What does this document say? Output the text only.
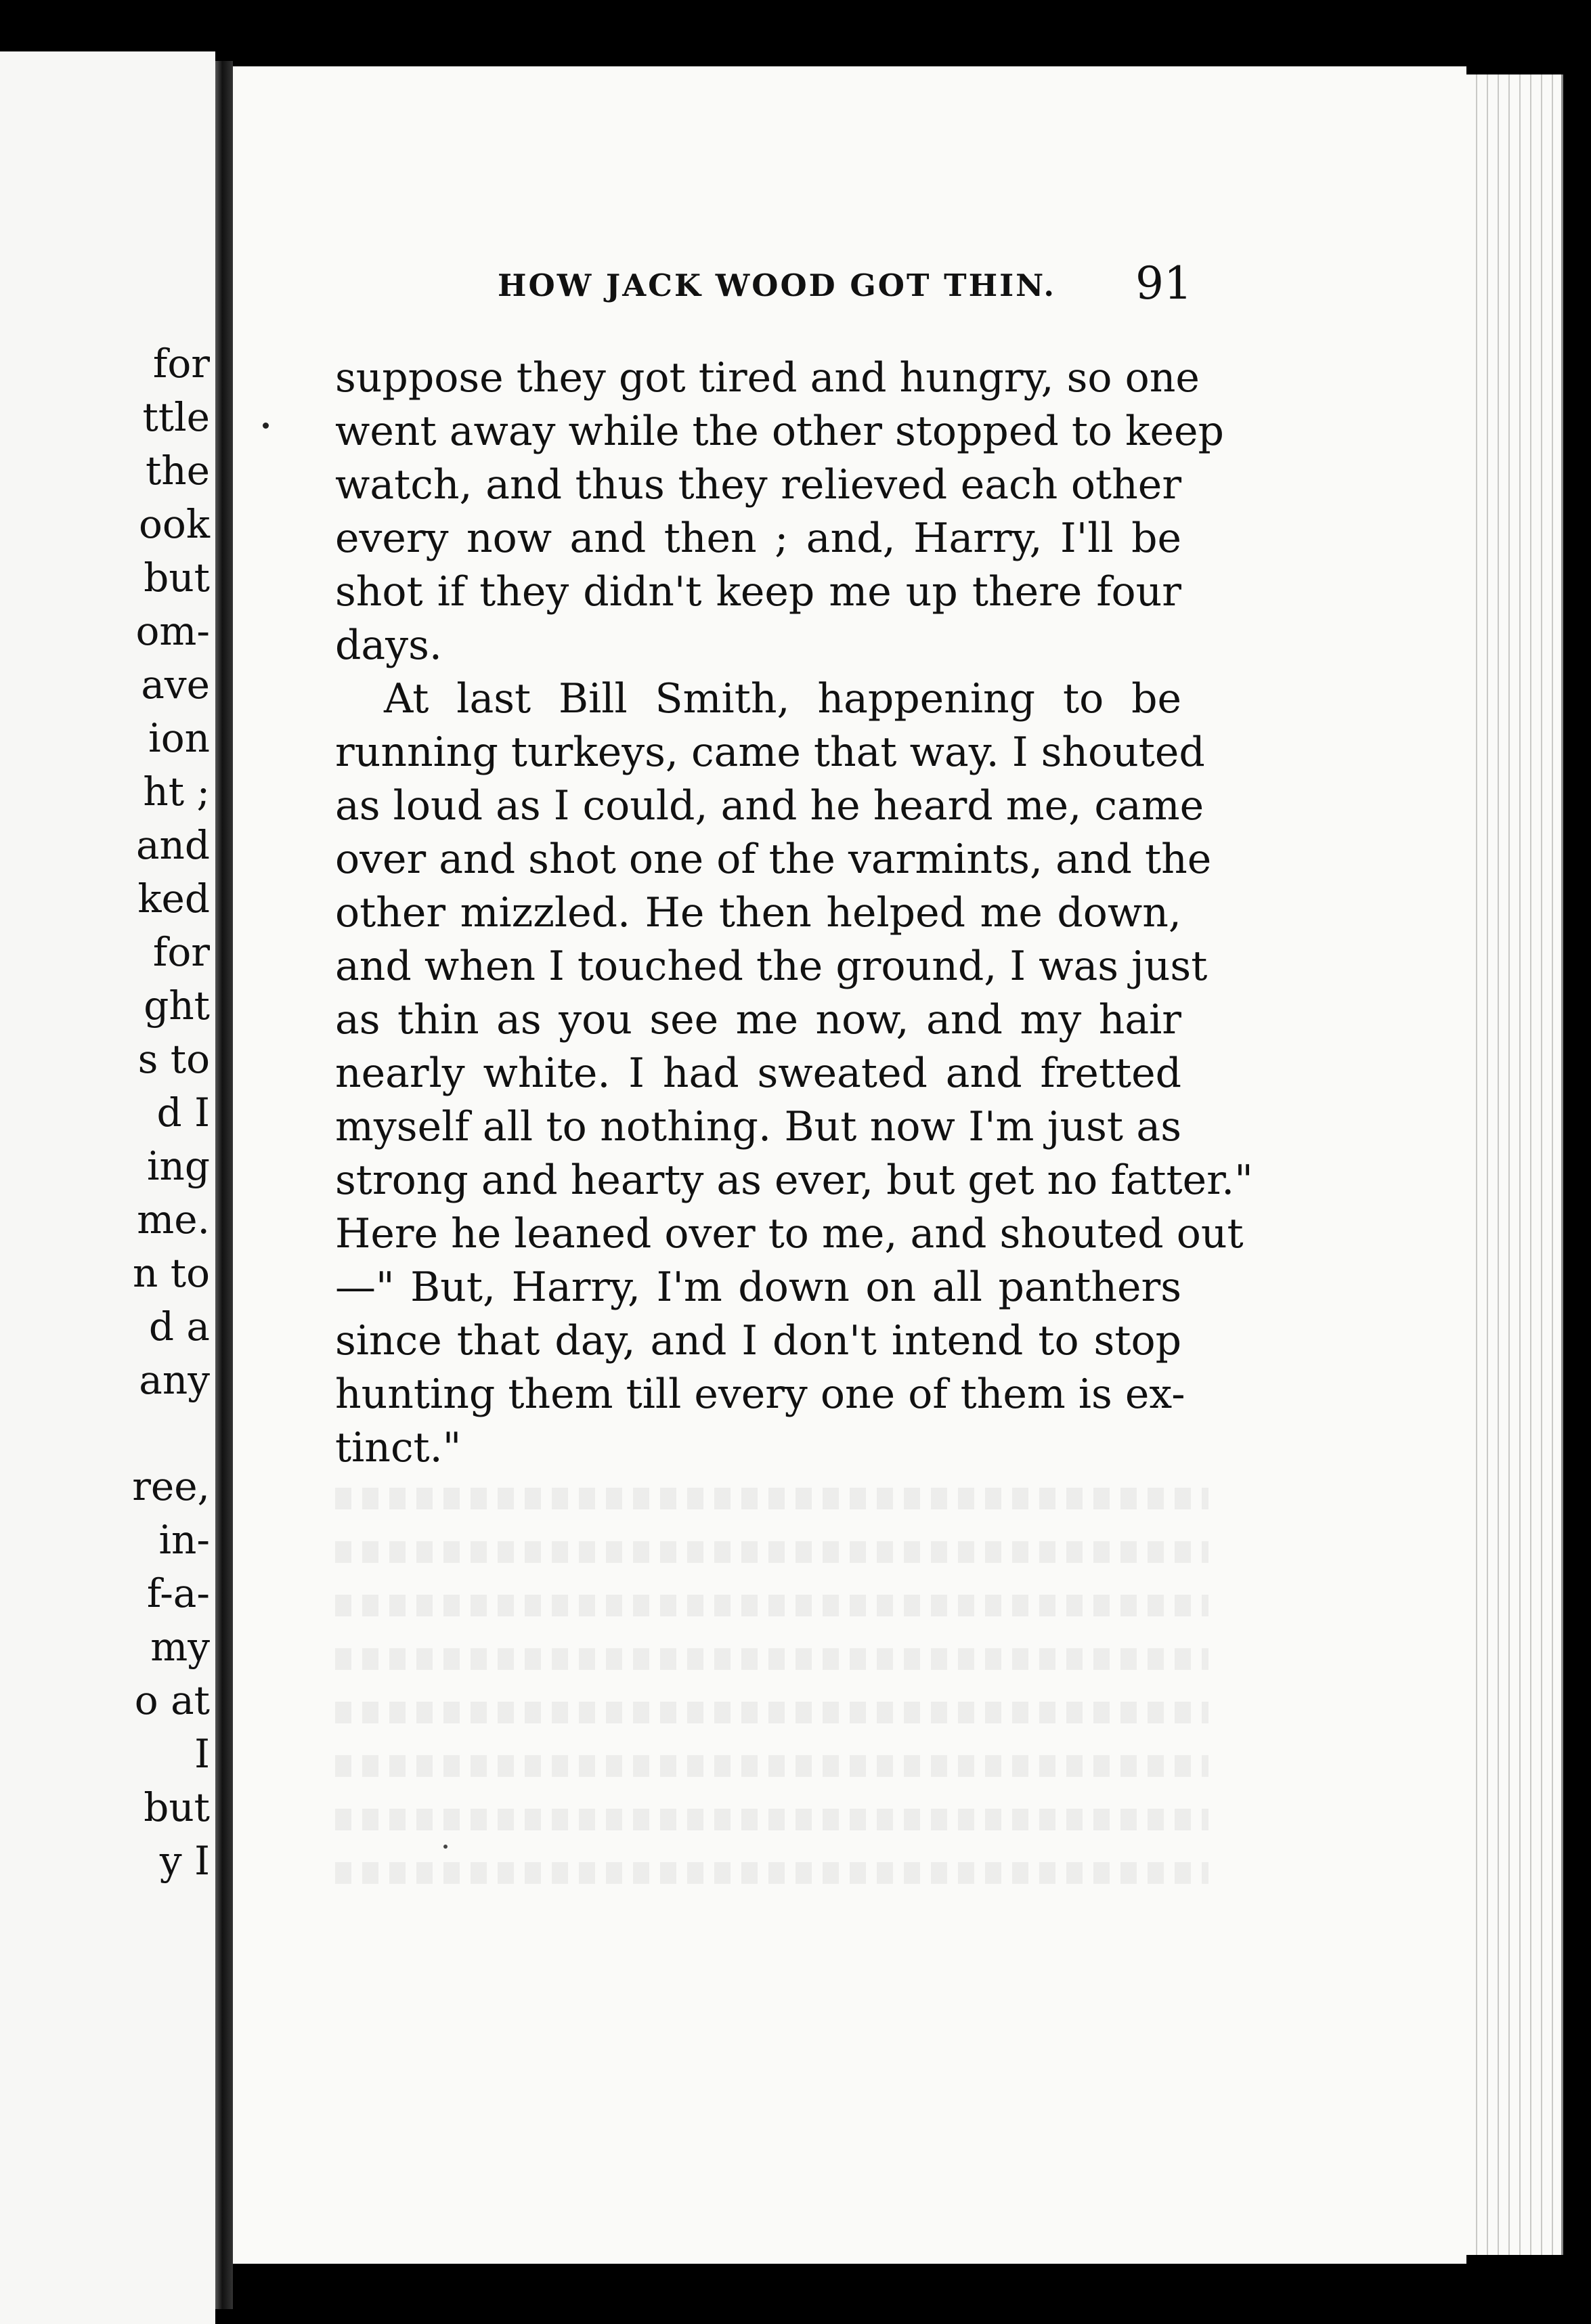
for
ttle
the
ook
but
om-
ave
ion
ht ;
and
ked
for
ght
s to
d I
ing
me.
n to
d a
any
ree,
in-
f-a-
my
o at
I
but
y I
HOW JACK WOOD GOT THIN. 91
suppose they got tired and hungry, so one
went away while the other stopped to keep
watch, and thus they relieved each other
every now and then ; and, Harry, I'll be
shot if they didn't keep me up there four
days.
At last Bill Smith, happening to be
running turkeys, came that way. I shouted
as loud as I could, and he heard me, came
over and shot one of the varmints, and the
other mizzled. He then helped me down,
and when I touched the ground, I was just
as thin as you see me now, and my hair
nearly white. I had sweated and fretted
myself all to nothing. But now I'm just as
strong and hearty as ever, but get no fatter."
Here he leaned over to me, and shouted out
—" But, Harry, I'm down on all panthers
since that day, and I don't intend to stop
hunting them till every one of them is ex-
tinct."
